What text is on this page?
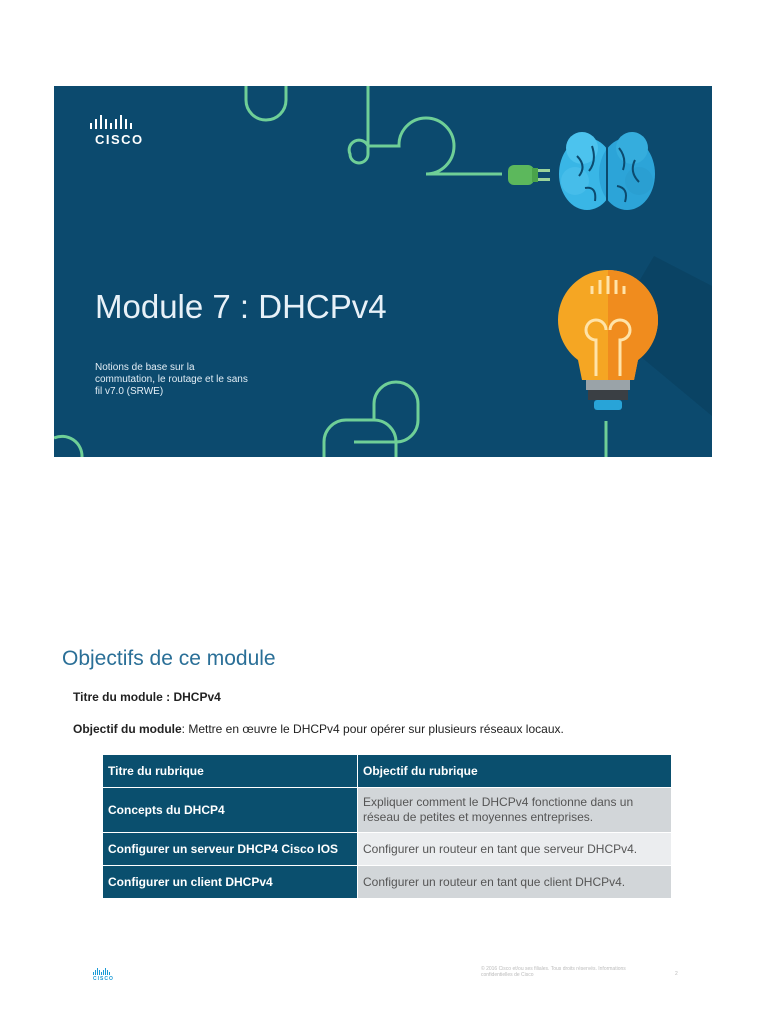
CISCO
Module 7 : DHCPv4

Notions de base sur la commutation, le routage et le sans fil v7.0 (SRWE)

Objectifs de ce module

Titre du module : DHCPv4

Objectif du module: Mettre en œuvre le DHCPv4 pour opérer sur plusieurs réseaux locaux.

Titre du rubrique	Objectif du rubrique
Concepts du DHCP4	Expliquer comment le DHCPv4 fonctionne dans un réseau de petites et moyennes entreprises.
Configurer un serveur DHCP4 Cisco IOS	Configurer un routeur en tant que serveur DHCPv4.
Configurer un client DHCPv4	Configurer un routeur en tant que client DHCPv4.
CISCO
© 2016 Cisco et/ou ses filiales. Tous droits réservés. Informations confidentielles de Cisco	2
